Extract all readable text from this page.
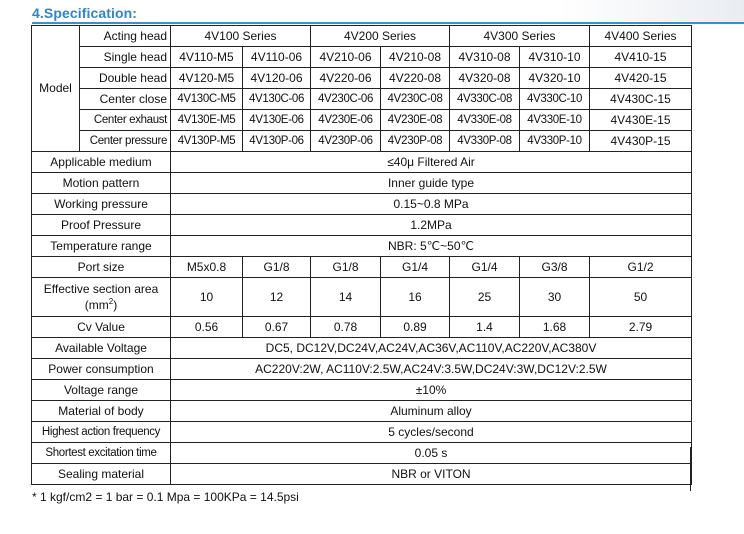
4.Specification:
Model	Acting head	4V100 Series		4V200 Series		4V300 Series		4V400 Series
	Single head	4V110-M5	4V110-06	4V210-06	4V210-08	4V310-08	4V310-10	4V410-15
	Double head	4V120-M5	4V120-06	4V220-06	4V220-08	4V320-08	4V320-10	4V420-15
	Center close	4V130C-M5	4V130C-06	4V230C-06	4V230C-08	4V330C-08	4V330C-10	4V430C-15
	Center exhaust	4V130E-M5	4V130E-06	4V230E-06	4V230E-08	4V330E-08	4V330E-10	4V430E-15
	Center pressure	4V130P-M5	4V130P-06	4V230P-06	4V230P-08	4V330P-08	4V330P-10	4V430P-15
Applicable medium		≤40μ Filtered Air						
Motion pattern		Inner guide type						
Working pressure		0.15~0.8 MPa						
Proof Pressure		1.2MPa						
Temperature range		NBR: 5℃~50℃						
Port size		M5x0.8	G1/8	G1/8	G1/4	G1/4	G3/8	G1/2

Effective section area
$(mm^2)$		10	12	14	16	25	30	50
Cv Value		0.56	0.67	0.78	0.89	1.4	1.68	2.79
Available Voltage		DC5, DC12V,DC24V,AC24V,AC36V,AC110V,AC220V,AC380V						
Power consumption		AC220V:2W, AC110V:2.5W,AC24V:3.5W,DC24V:3W,DC12V:2.5W						
Voltage range		±10%						
Material of body		Aluminum alloy						
Highest action frequency		5 cycles/second						
Shortest excitation time		0.05 s						
Sealing material		NBR or VITON						
* 1 kgf/cm2 = 1 bar = 0.1 Mpa = 100KPa = 14.5psi
